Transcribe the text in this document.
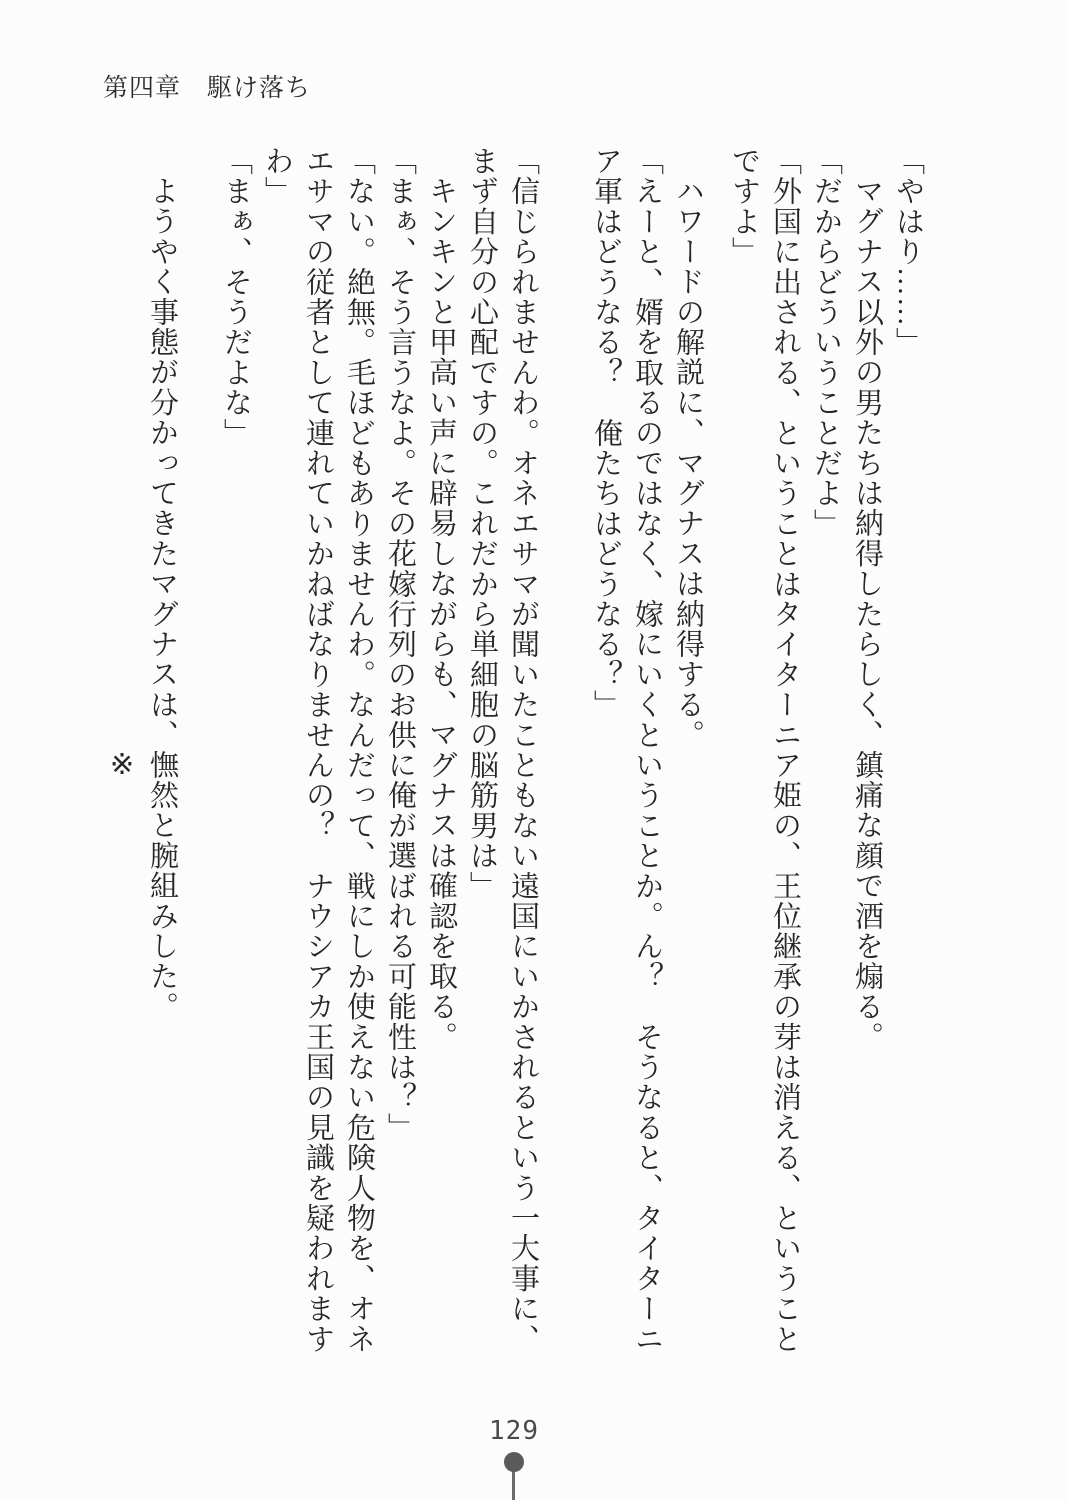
第四章　駆け落ち

「やはり……」

マグナス以外の男たちは納得したらしく、鎮痛な顔で酒を煽る。

「だからどういうことだよ」

「外国に出される、ということはタイターニア姫の、王位継承の芽は消える、ということ

ですよ」

ハワードの解説に、マグナスは納得する。

「えーと、婿を取るのではなく、嫁にいくということか。ん？　そうなると、タイターニ

ア軍はどうなる？　俺たちはどうなる？」

「信じられませんわ。オネエサマが聞いたこともない遠国にいかされるという一大事に、

まず自分の心配ですの。これだから単細胞の脳筋男は」

キンキンと甲高い声に辟易しながらも、マグナスは確認を取る。

「まぁ、そう言うなよ。その花嫁行列のお供に俺が選ばれる可能性は？」

「ない。絶無。毛ほどもありませんわ。なんだって、戦にしか使えない危険人物を、オネ

エサマの従者として連れていかねばなりませんの？　ナウシアカ王国の見識を疑われます

わ」

「まぁ、そうだよな」

ようやく事態が分かってきたマグナスは、憮然と腕組みした。

※

129
